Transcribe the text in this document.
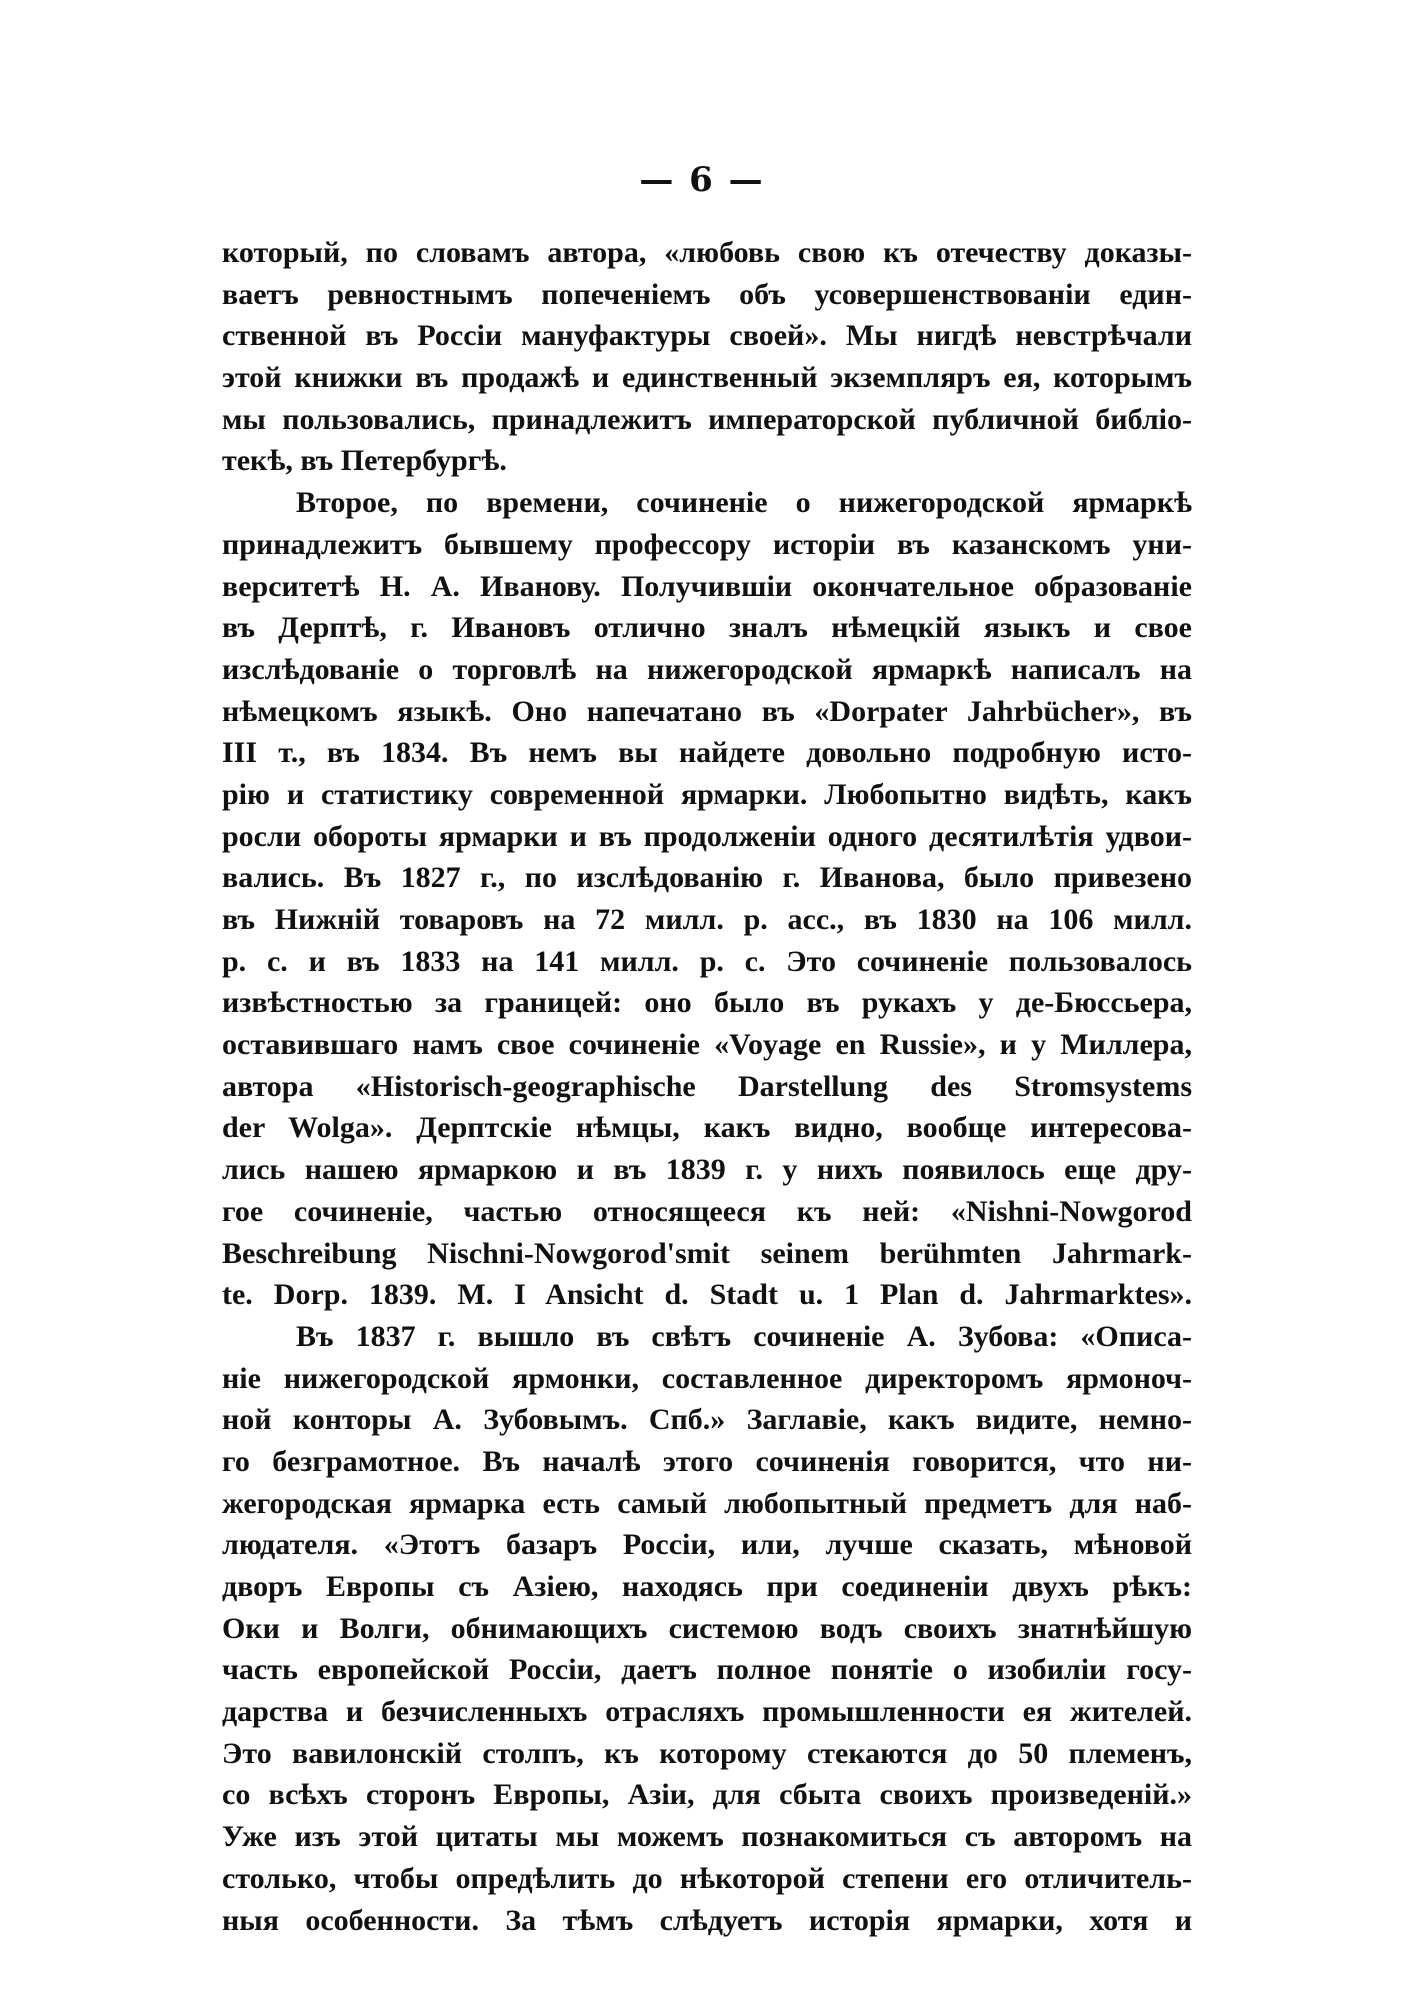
— 6 —
который, по словамъ автора, «любовь свою къ отечеству доказы-
ваетъ ревностнымъ попеченіемъ объ усовершенствованіи един-
ственной въ Россіи мануфактуры своей». Мы нигдѣ невстрѣчали
этой книжки въ продажѣ и единственный экземпляръ ея, которымъ
мы пользовались, принадлежитъ императорской публичной библіо-
текѣ, въ Петербургѣ.
Второе, по времени, сочиненіе о нижегородской ярмаркѣ
принадлежитъ бывшему профессору исторіи въ казанскомъ уни-
верситетѣ Н. А. Иванову. Получившіи окончательное образованіе
въ Дерптѣ, г. Ивановъ отлично зналъ нѣмецкій языкъ и свое
изслѣдованіе о торговлѣ на нижегородской ярмаркѣ написалъ на
нѣмецкомъ языкѣ. Оно напечатано въ «Dorpater Jahrbücher», въ
III т., въ 1834. Въ немъ вы найдете довольно подробную исто-
рію и статистику современной ярмарки. Любопытно видѣть, какъ
росли обороты ярмарки и въ продолженіи одного десятилѣтія удвои-
вались. Въ 1827 г., по изслѣдованію г. Иванова, было привезено
въ Нижній товаровъ на 72 милл. р. асс., въ 1830 на 106 милл.
р. с. и въ 1833 на 141 милл. р. с. Это сочиненіе пользовалось
извѣстностью за границей: оно было въ рукахъ у де-Бюссьера,
оставившаго намъ свое сочиненіе «Voyage en Russie», и у Миллера,
автора «Historisch-geographische Darstellung des Stromsystems
der Wolga». Дерптскіе нѣмцы, какъ видно, вообще интересова-
лись нашею ярмаркою и въ 1839 г. у нихъ появилось еще дру-
гое сочиненіе, частью относящееся къ ней: «Nishni-Nowgorod
Beschreibung Nischni-Nowgorod'smit seinem berühmten Jahrmark-
te. Dorp. 1839. M. I Ansicht d. Stadt u. 1 Plan d. Jahrmarktes».
Въ 1837 г. вышло въ свѣтъ сочиненіе А. Зубова: «Описа-
ніе нижегородской ярмонки, составленное директоромъ ярмоноч-
ной конторы А. Зубовымъ. Спб.» Заглавіе, какъ видите, немно-
го безграмотное. Въ началѣ этого сочиненія говорится, что ни-
жегородская ярмарка есть самый любопытный предметъ для наб-
людателя. «Этотъ базаръ Россіи, или, лучше сказать, мѣновой
дворъ Европы съ Азіею, находясь при соединеніи двухъ рѣкъ:
Оки и Волги, обнимающихъ системою водъ своихъ знатнѣйшую
часть европейской Россіи, даетъ полное понятіе о изобиліи госу-
дарства и безчисленныхъ отрасляхъ промышленности ея жителей.
Это вавилонскій столпъ, къ которому стекаются до 50 племенъ,
со всѣхъ сторонъ Европы, Азіи, для сбыта своихъ произведеній.»
Уже изъ этой цитаты мы можемъ познакомиться съ авторомъ на
столько, чтобы опредѣлить до нѣкоторой степени его отличитель-
ныя особенности. За тѣмъ слѣдуетъ исторія ярмарки, хотя и
